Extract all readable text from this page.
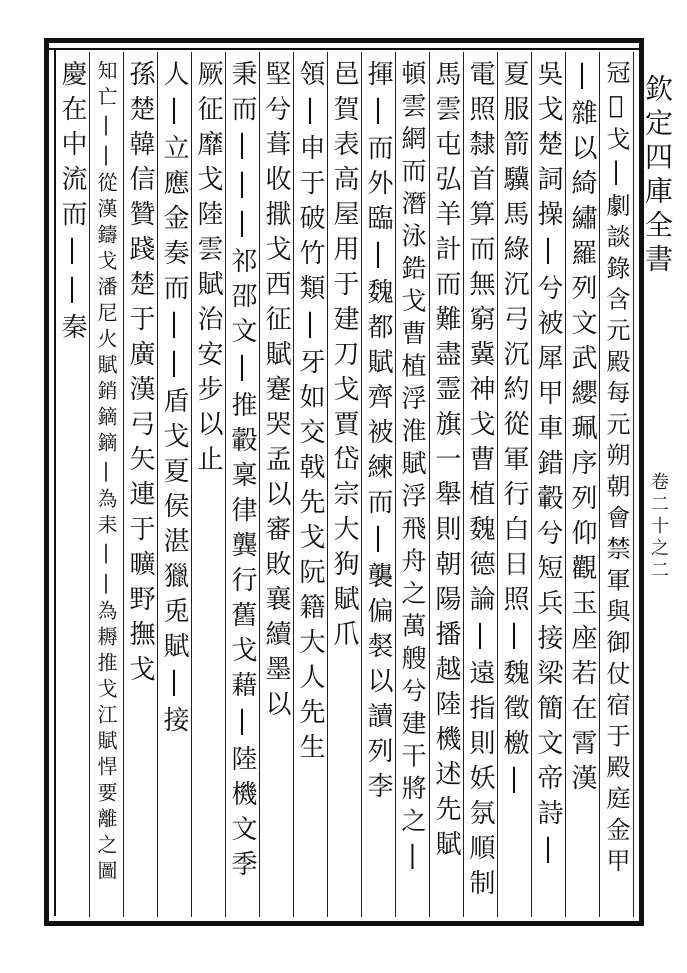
欽定四庫全書
卷二十之二
冠𦶜戈|劇談錄含元殿每元朔朝會禁軍與御仗宿于殿庭金甲
|雜以綺繡羅列文武纓珮序列仰觀玉座若在霄漢
吳戈楚詞操|兮被犀甲車錯轂兮短兵接梁簡文帝詩|
夏服箭驥馬綠沉弓沉約從軍行白日照|魏徵檄|
電照隸首算而無窮冀神戈曹植魏德論|遠指則妖氛順制
馬雲屯弘羊計而難盡霊旗一舉則朝陽播越陸機述先賦
頓雲網而潛泳鋯戈曹植浮淮賦浮飛舟之萬艘兮建干將之|
揮|而外臨|魏都賦齊被練而|襲偏裻以讀列李
邑賀表高屋用于建刀戈賈岱宗大狗賦爪
領|申于破竹類|牙如交戟先戈阮籍大人先生
堅兮葺收㩎戈西征賦蹇哭孟以審敗襄續墨以
秉而|||祁邵文|推轂稟律龔行舊戈藉|陸機文季
厥征靡戈陸雲賦治安步以止
人|立應金奏而||盾戈夏侯湛獵兎賦|接
孫楚韓信贊踐楚于廣漢弓矢連于曠野撫戈
知亡||從漢鑄戈潘尼火賦銷鏑鏑|為耒||為耨推戈江賦悍要離之圖
慶在中流而||秦
